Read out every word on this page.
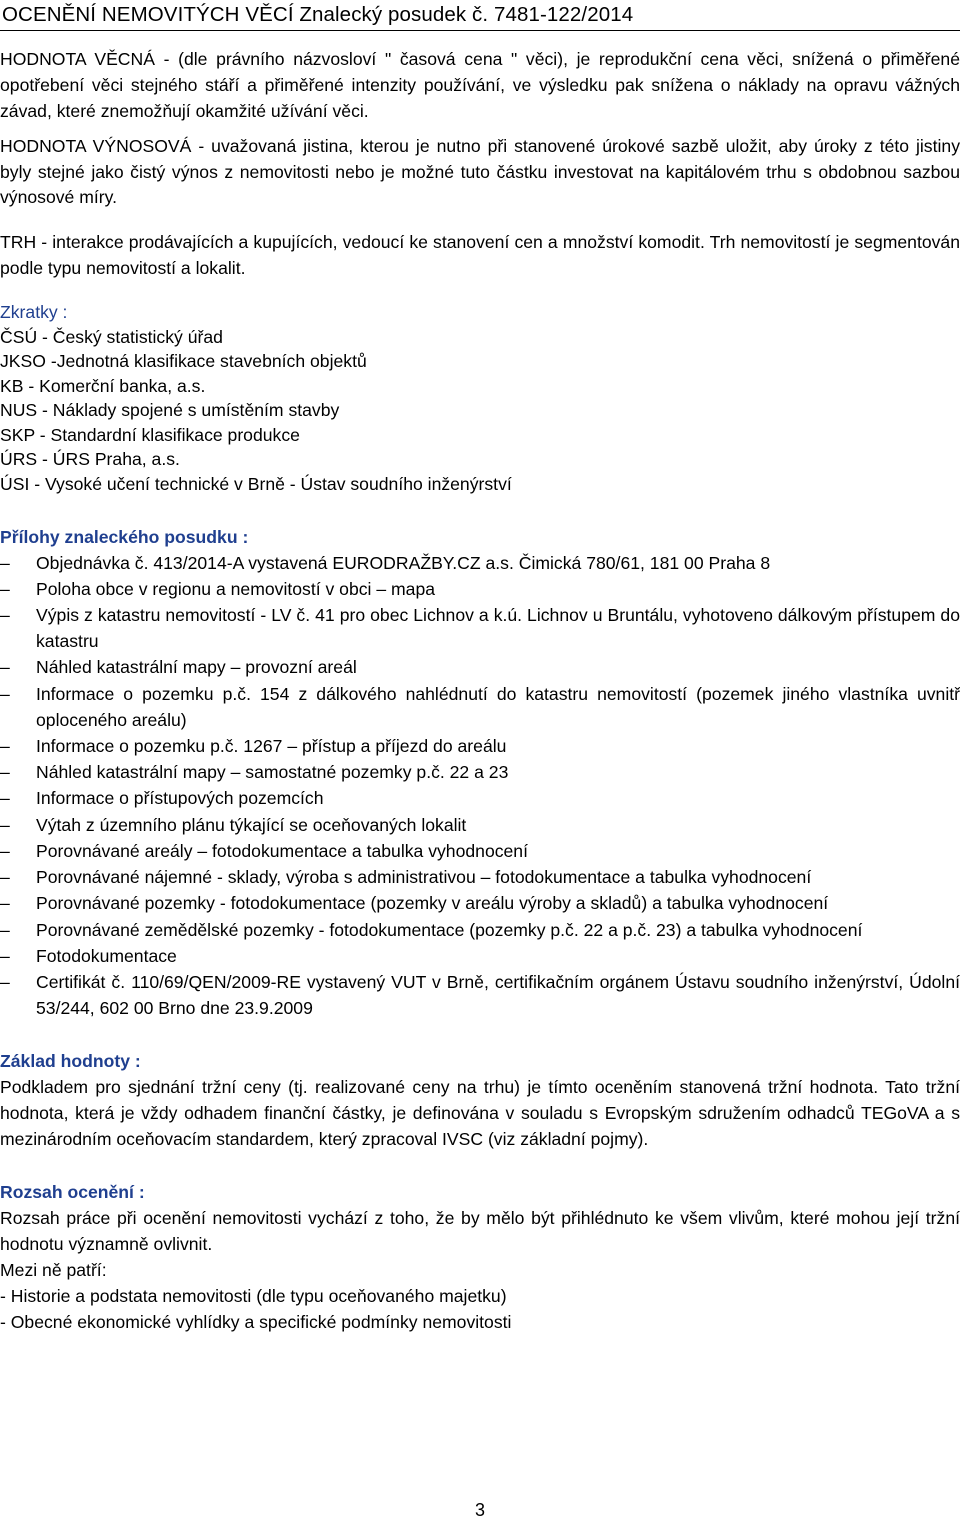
OCENĚNÍ NEMOVITÝCH VĚCÍ Znalecký posudek č. 7481-122/2014

HODNOTA VĚCNÁ - (dle právního názvosloví " časová cena " věci), je reprodukční cena věci, snížená o přiměřené opotřebení věci stejného stáří a přiměřené intenzity používání, ve výsledku pak snížena o náklady na opravu vážných závad, které znemožňují okamžité užívání věci.

HODNOTA VÝNOSOVÁ - uvažovaná jistina, kterou je nutno při stanovené úrokové sazbě uložit, aby úroky z této jistiny byly stejné jako čistý výnos z nemovitosti nebo je možné tuto částku investovat na kapitálovém trhu s obdobnou sazbou výnosové míry.

TRH - interakce prodávajících a kupujících, vedoucí ke stanovení cen a množství komodit. Trh nemovitostí je segmentován podle typu nemovitostí a lokalit.

Zkratky :
ČSÚ - Český statistický úřad
JKSO -Jednotná klasifikace stavebních objektů
KB - Komerční banka, a.s.
NUS - Náklady spojené s umístěním stavby
SKP - Standardní klasifikace produkce
ÚRS - ÚRS Praha, a.s.
ÚSI - Vysoké učení technické v Brně - Ústav soudního inženýrství
Přílohy znaleckého posudku :
– Objednávka č. 413/2014-A vystavená EURODRAŽBY.CZ a.s. Čimická 780/61, 181 00 Praha 8
– Poloha obce v regionu a nemovitostí v obci – mapa
– Výpis z katastru nemovitostí - LV č. 41 pro obec Lichnov a k.ú. Lichnov u Bruntálu, vyhotoveno dálkovým přístupem do katastru
– Náhled katastrální mapy – provozní areál
– Informace o pozemku p.č. 154 z dálkového nahlédnutí do katastru nemovitostí (pozemek jiného vlastníka uvnitř oploceného areálu)
– Informace o pozemku p.č. 1267 – přístup a příjezd do areálu
– Náhled katastrální mapy – samostatné pozemky p.č. 22 a 23
– Informace o přístupových pozemcích
– Výtah z územního plánu týkající se oceňovaných lokalit
– Porovnávané areály – fotodokumentace a tabulka vyhodnocení
– Porovnávané nájemné - sklady, výroba s administrativou – fotodokumentace a tabulka vyhodnocení
– Porovnávané pozemky - fotodokumentace (pozemky v areálu výroby a skladů) a tabulka vyhodnocení
– Porovnávané zemědělské pozemky - fotodokumentace (pozemky p.č. 22 a p.č. 23) a tabulka vyhodnocení
– Fotodokumentace
– Certifikát č. 110/69/QEN/2009-RE vystavený VUT v Brně, certifikačním orgánem Ústavu soudního inženýrství, Údolní 53/244, 602 00 Brno dne 23.9.2009
Základ hodnoty :

Podkladem pro sjednání tržní ceny (tj. realizované ceny na trhu) je tímto oceněním stanovená tržní hodnota. Tato tržní hodnota, která je vždy odhadem finanční částky, je definována v souladu s Evropským sdružením odhadců TEGoVA a s mezinárodním oceňovacím standardem, který zpracoval IVSC (viz základní pojmy).

Rozsah ocenění :

Rozsah práce při ocenění nemovitosti vychází z toho, že by mělo být přihlédnuto ke všem vlivům, které mohou její tržní hodnotu významně ovlivnit.

Mezi ně patří:
- Historie a podstata nemovitosti (dle typu oceňovaného majetku)
- Obecné ekonomické vyhlídky a specifické podmínky nemovitosti
3
